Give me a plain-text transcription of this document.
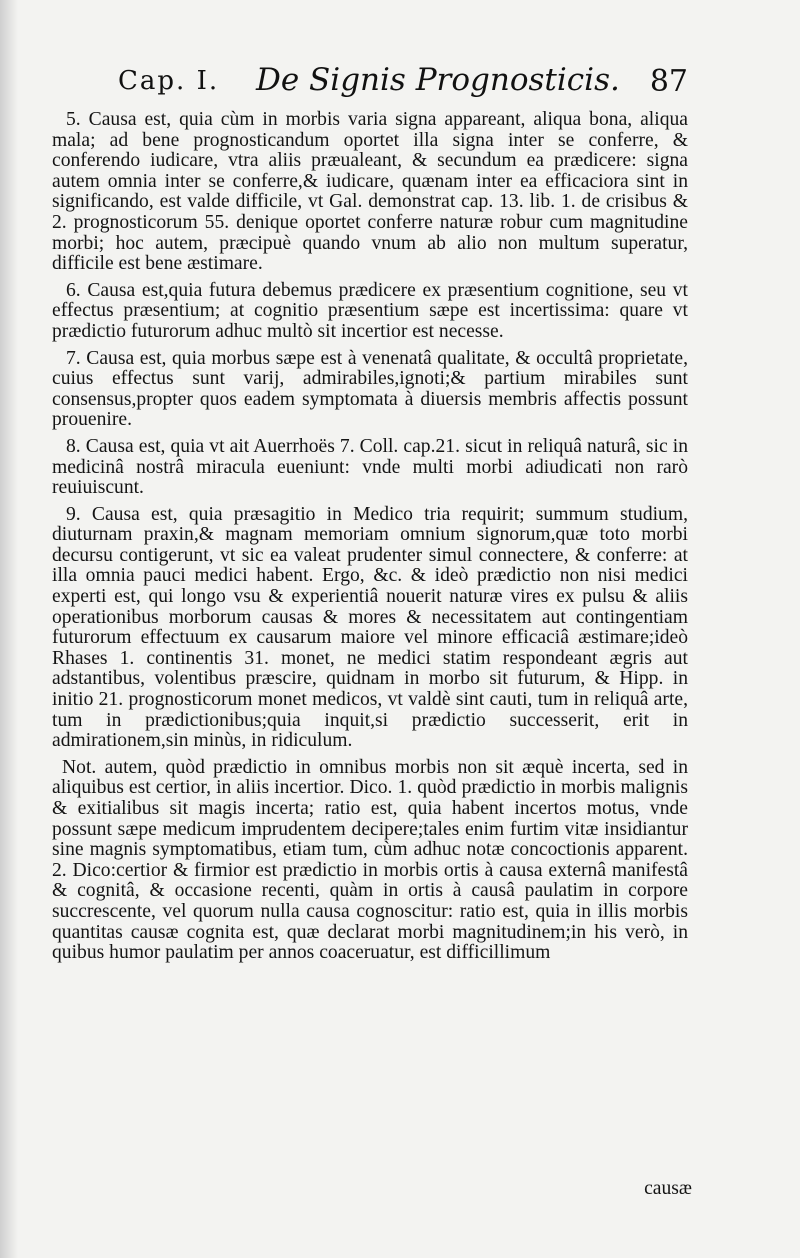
Cap. I. De Signis Prognosticis. 87

5. Causa est, quia cùm in morbis varia signa appareant, aliqua bona, aliqua mala; ad bene prognosticandum oportet illa signa inter se conferre, & conferendo iudicare, vtra aliis præualeant, & secundum ea prædicere: signa autem omnia inter se conferre,& iudicare, quænam inter ea efficaciora sint in significando, est valde difficile, vt Gal. demonstrat cap. 13. lib. 1. de crisibus & 2. prognosticorum 55. denique oportet conferre naturæ robur cum magnitudine morbi; hoc autem, præcipuè quando vnum ab alio non multum superatur, difficile est bene æstimare.

6. Causa est,quia futura debemus prædicere ex præsentium cognitione, seu vt effectus præsentium; at cognitio præsentium sæpe est incertissima: quare vt prædictio futurorum adhuc multò sit incertior est necesse.

7. Causa est, quia morbus sæpe est à venenatâ qualitate, & occultâ proprietate, cuius effectus sunt varij, admirabiles,ignoti;& partium mirabiles sunt consensus,propter quos eadem symptomata à diuersis membris affectis possunt prouenire.

8. Causa est, quia vt ait Auerrhoës 7. Coll. cap.21. sicut in reliquâ naturâ, sic in medicinâ nostrâ miracula eueniunt: vnde multi morbi adiudicati non rarò reuiuiscunt.

9. Causa est, quia præsagitio in Medico tria requirit; summum studium, diuturnam praxin,& magnam memoriam omnium signorum,quæ toto morbi decursu contigerunt, vt sic ea valeat prudenter simul connectere, & conferre: at illa omnia pauci medici habent. Ergo, &c. & ideò prædictio non nisi medici experti est, qui longo vsu & experientiâ nouerit naturæ vires ex pulsu & aliis operationibus morborum causas & mores & necessitatem aut contingentiam futurorum effectuum ex causarum maiore vel minore efficaciâ æstimare;ideò Rhases 1. continentis 31. monet, ne medici statim respondeant ægris aut adstantibus, volentibus præscire, quidnam in morbo sit futurum, & Hipp. in initio 21. prognosticorum monet medicos, vt valdè sint cauti, tum in reliquâ arte, tum in prædictionibus;quia inquit,si prædictio successerit, erit in admirationem,sin minùs, in ridiculum.

Not. autem, quòd prædictio in omnibus morbis non sit æquè incerta, sed in aliquibus est certior, in aliis incertior. Dico. 1. quòd prædictio in morbis malignis & exitialibus sit magis incerta; ratio est, quia habent incertos motus, vnde possunt sæpe medicum imprudentem decipere;tales enim furtim vitæ insidiantur sine magnis symptomatibus, etiam tum, cùm adhuc notæ concoctionis apparent. 2. Dico:certior & firmior est prædictio in morbis ortis à causa externâ manifestâ & cognitâ, & occasione recenti, quàm in ortis à causâ paulatim in corpore succrescente, vel quorum nulla causa cognoscitur: ratio est, quia in illis morbis quantitas causæ cognita est, quæ declarat morbi magnitudinem;in his verò, in quibus humor paulatim per annos coaceruatur, est difficillimum

causæ
